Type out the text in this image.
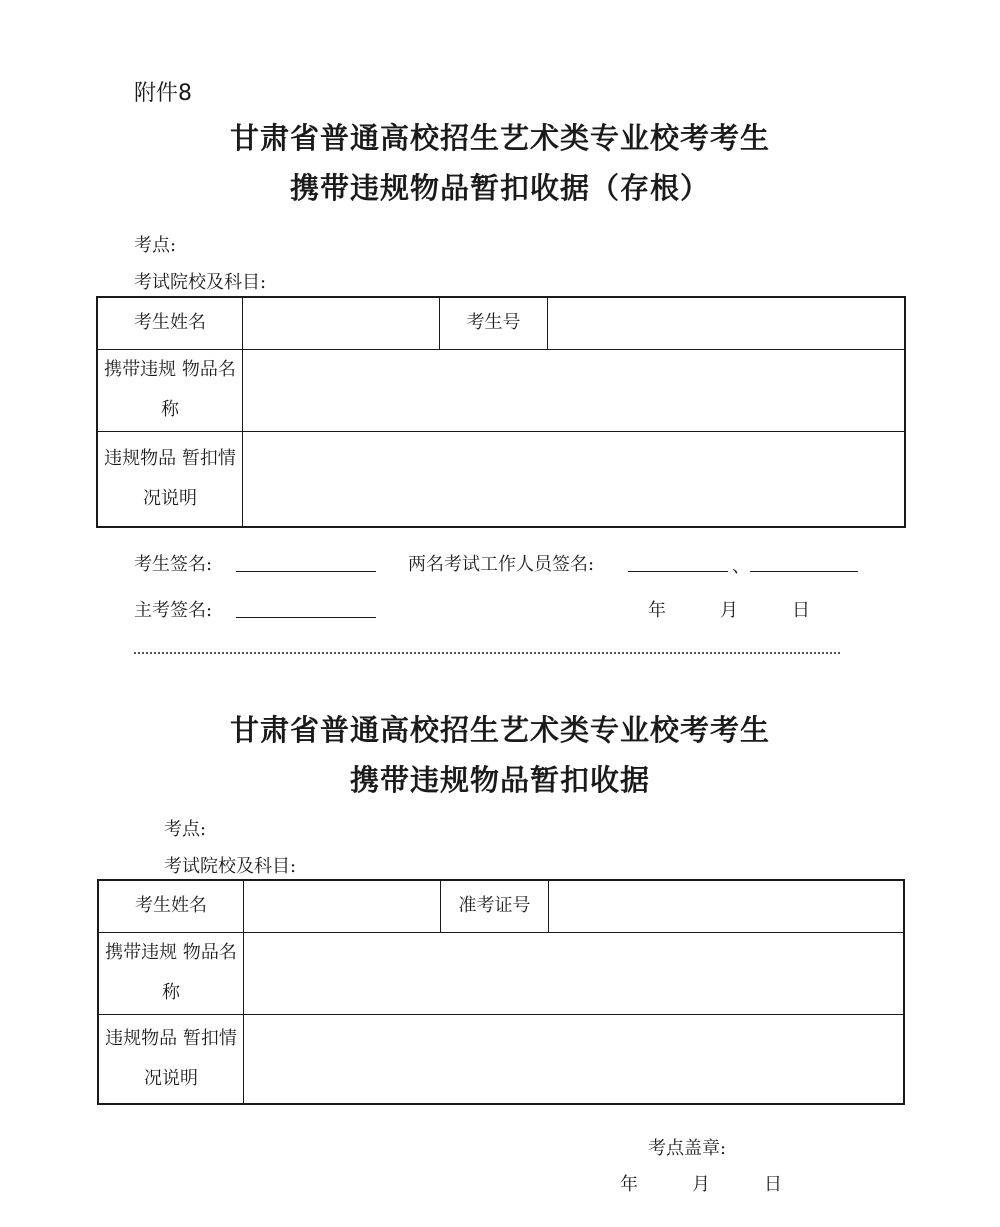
附件8
甘肃省普通高校招生艺术类专业校考考生
携带违规物品暂扣收据（存根）
考点:
考试院校及科目:
考生姓名		考生号	
携带违规 物品名称			
违规物品 暂扣情况说明			
考生签名:	两名考试工作人员签名:	、
主考签名:	年	月	日
甘肃省普通高校招生艺术类专业校考考生
携带违规物品暂扣收据
考点:
考试院校及科目:
考生姓名		准考证号	
携带违规 物品名称			
违规物品 暂扣情况说明			
考点盖章:
年	月	日
